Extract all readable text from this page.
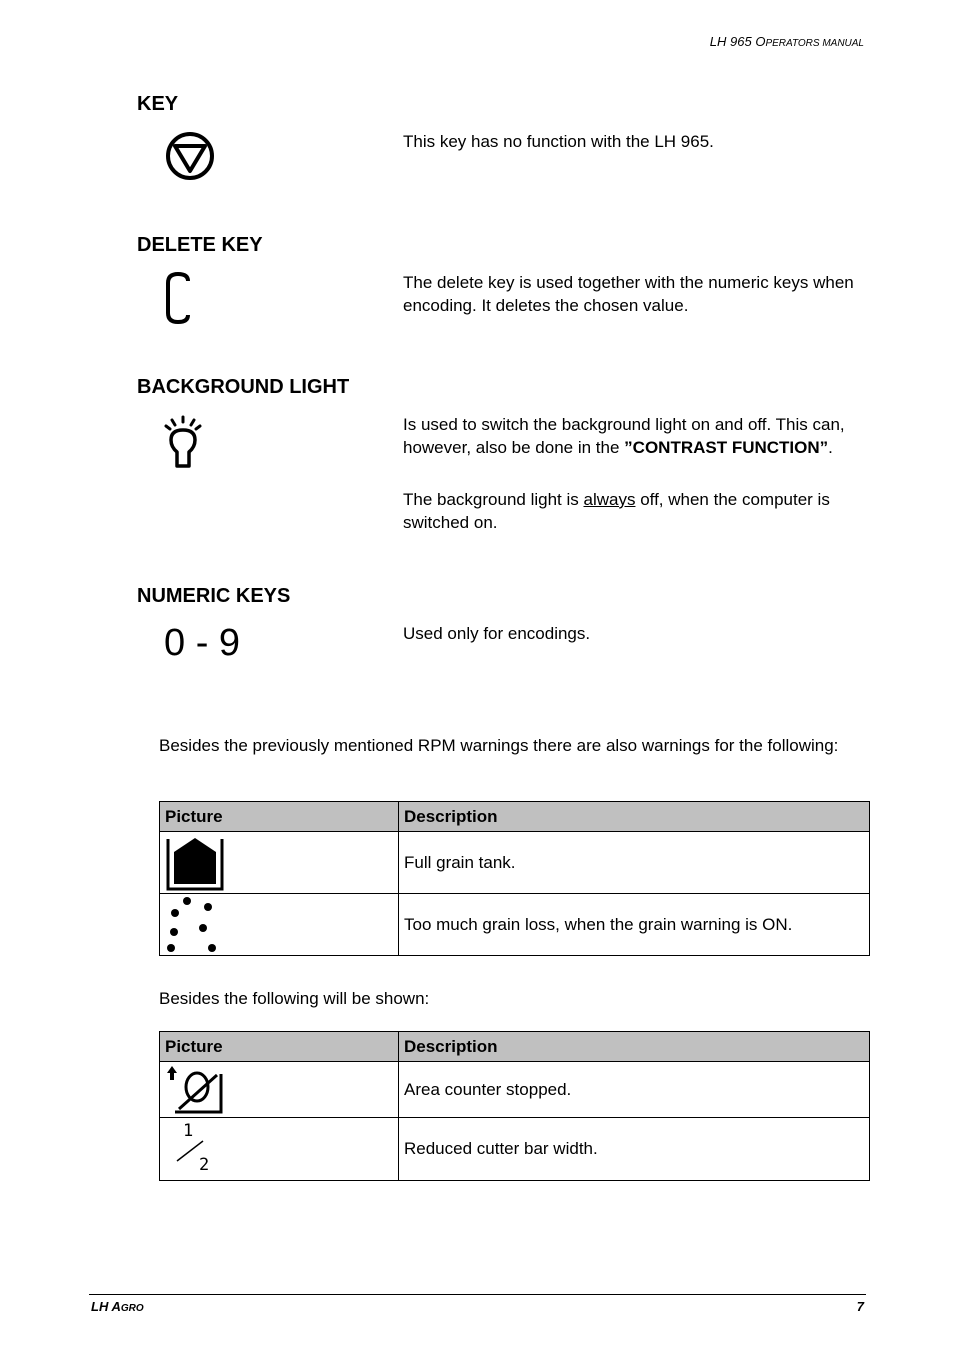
LH 965 OPERATORS MANUAL
KEY
This key has no function with the LH 965.
DELETE KEY
The delete key is used together with the numeric keys when encoding. It deletes the chosen value.
BACKGROUND LIGHT
Is used to switch the background light on and off. This can, however, also be done in the ”CONTRAST FUNCTION”.
The background light is always off, when the computer is switched on.
NUMERIC KEYS
0 - 9	Used only for encodings.
Besides the previously mentioned RPM warnings there are also warnings for the following:
Picture	Description

	Full grain tank.

	Too much grain loss, when the grain warning is ON.
Besides the following will be shown:
Picture	Description

	Area counter stopped.

1
2	Reduced cutter bar width.
LH AGRO	7
